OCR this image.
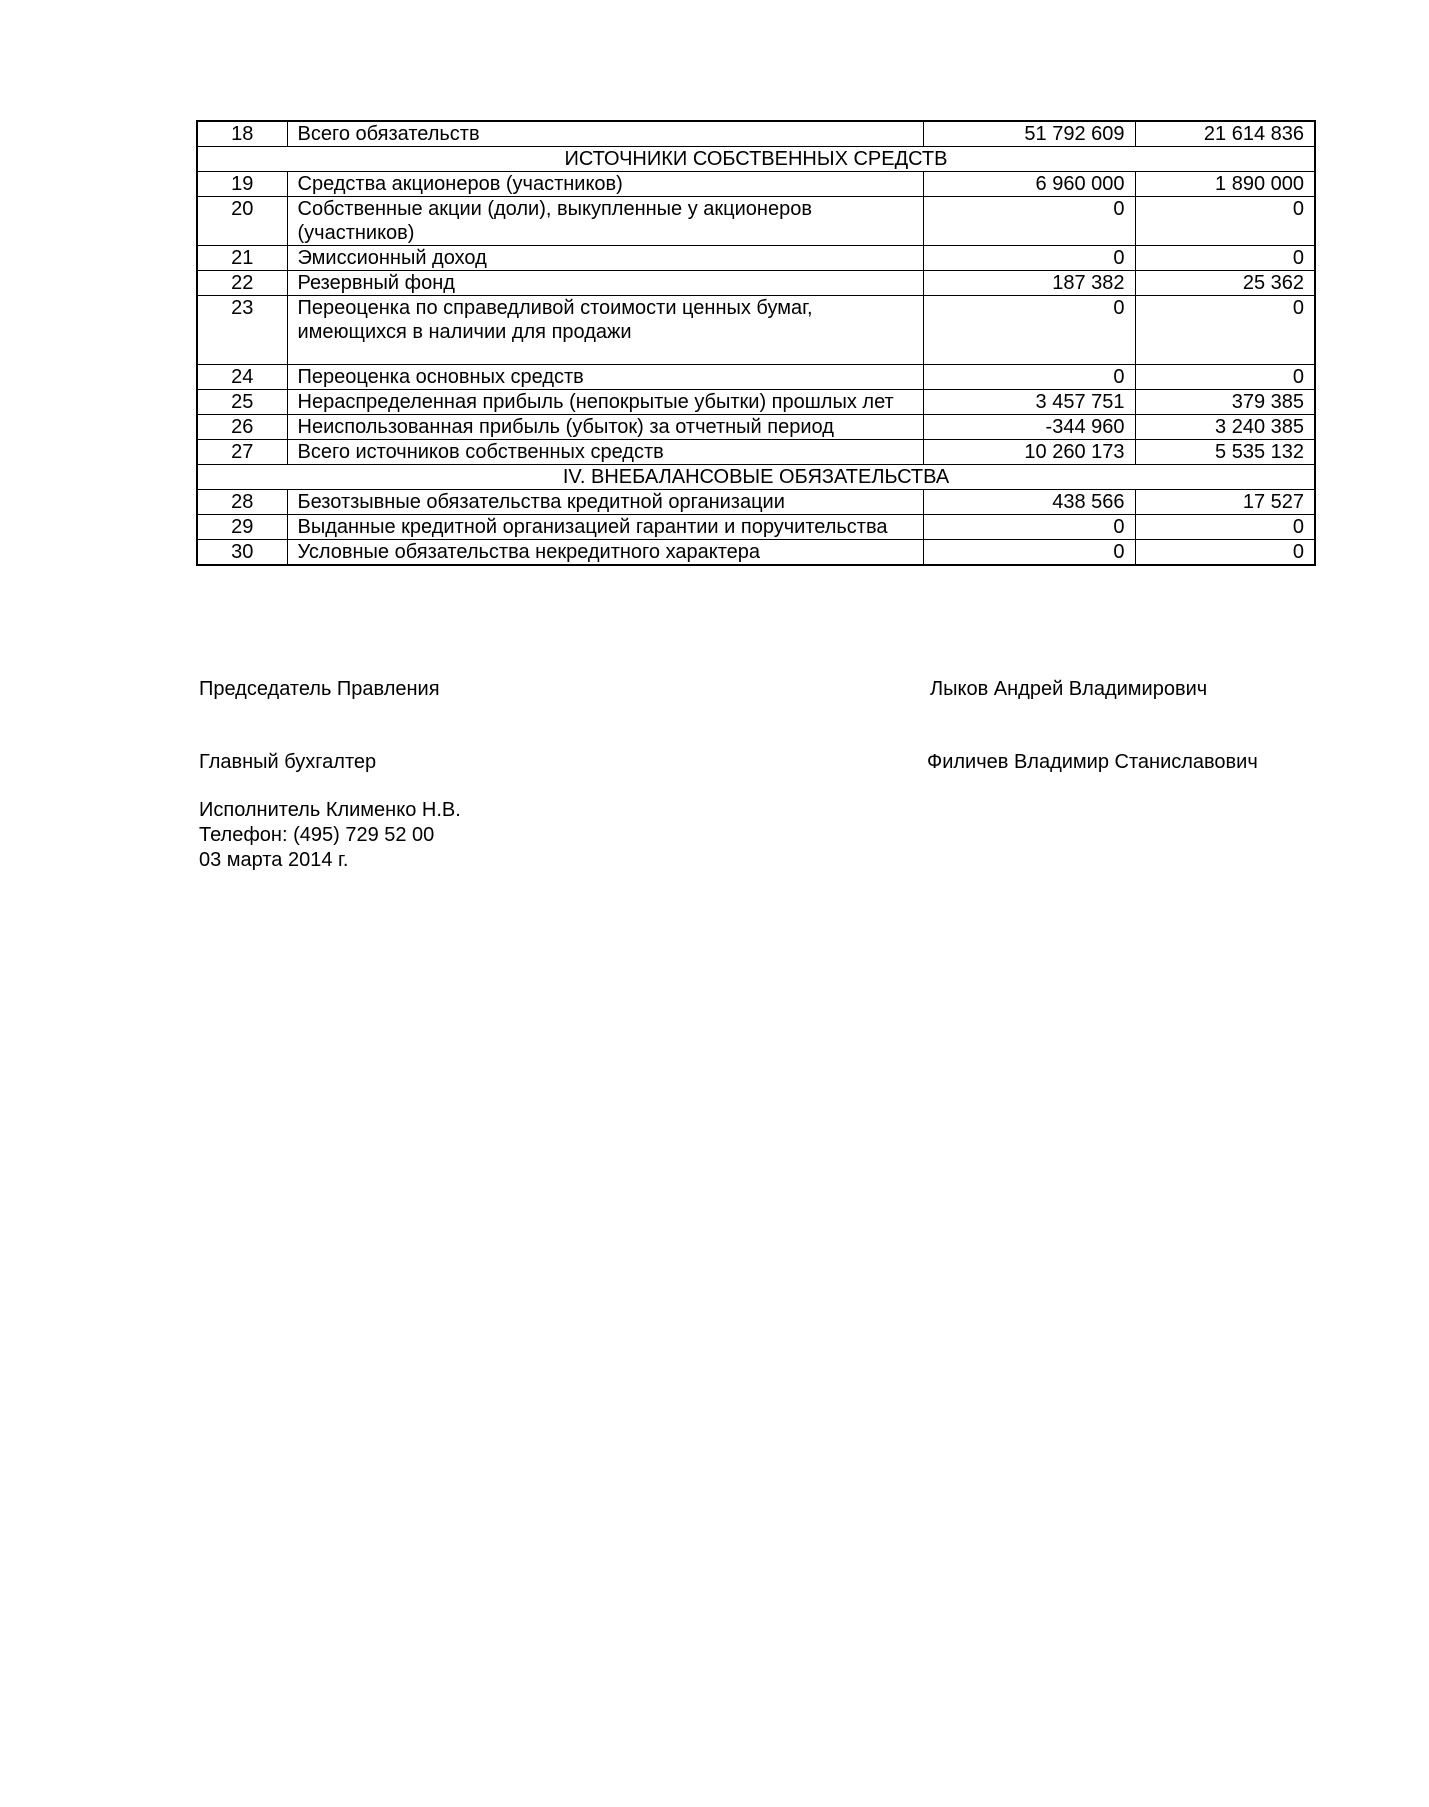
18	Всего обязательств	51 792 609	21 614 836
ИСТОЧНИКИ СОБСТВЕННЫХ СРЕДСТВ			
19	Средства акционеров (участников)	6 960 000	1 890 000
20	Собственные акции (доли), выкупленные у акционеров (участников)	0	0
21	Эмиссионный доход	0	0
22	Резервный фонд	187 382	25 362
23	Переоценка по справедливой стоимости ценных бумаг, имеющихся в наличии для продажи	0	0
24	Переоценка основных средств	0	0
25	Нераспределенная прибыль (непокрытые убытки) прошлых лет	3 457 751	379 385
26	Неиспользованная прибыль (убыток) за отчетный период	-344 960	3 240 385
27	Всего источников собственных средств	10 260 173	5 535 132
IV. ВНЕБАЛАНСОВЫЕ ОБЯЗАТЕЛЬСТВА			
28	Безотзывные обязательства кредитной организации	438 566	17 527
29	Выданные кредитной организацией гарантии и поручительства	0	0
30	Условные обязательства некредитного характера	0	0
Председатель Правления	Лыков Андрей Владимирович
Главный бухгалтер	Филичев Владимир Станиславович
Исполнитель Клименко Н.В.
Телефон: (495) 729 52 00
03 марта 2014 г.
